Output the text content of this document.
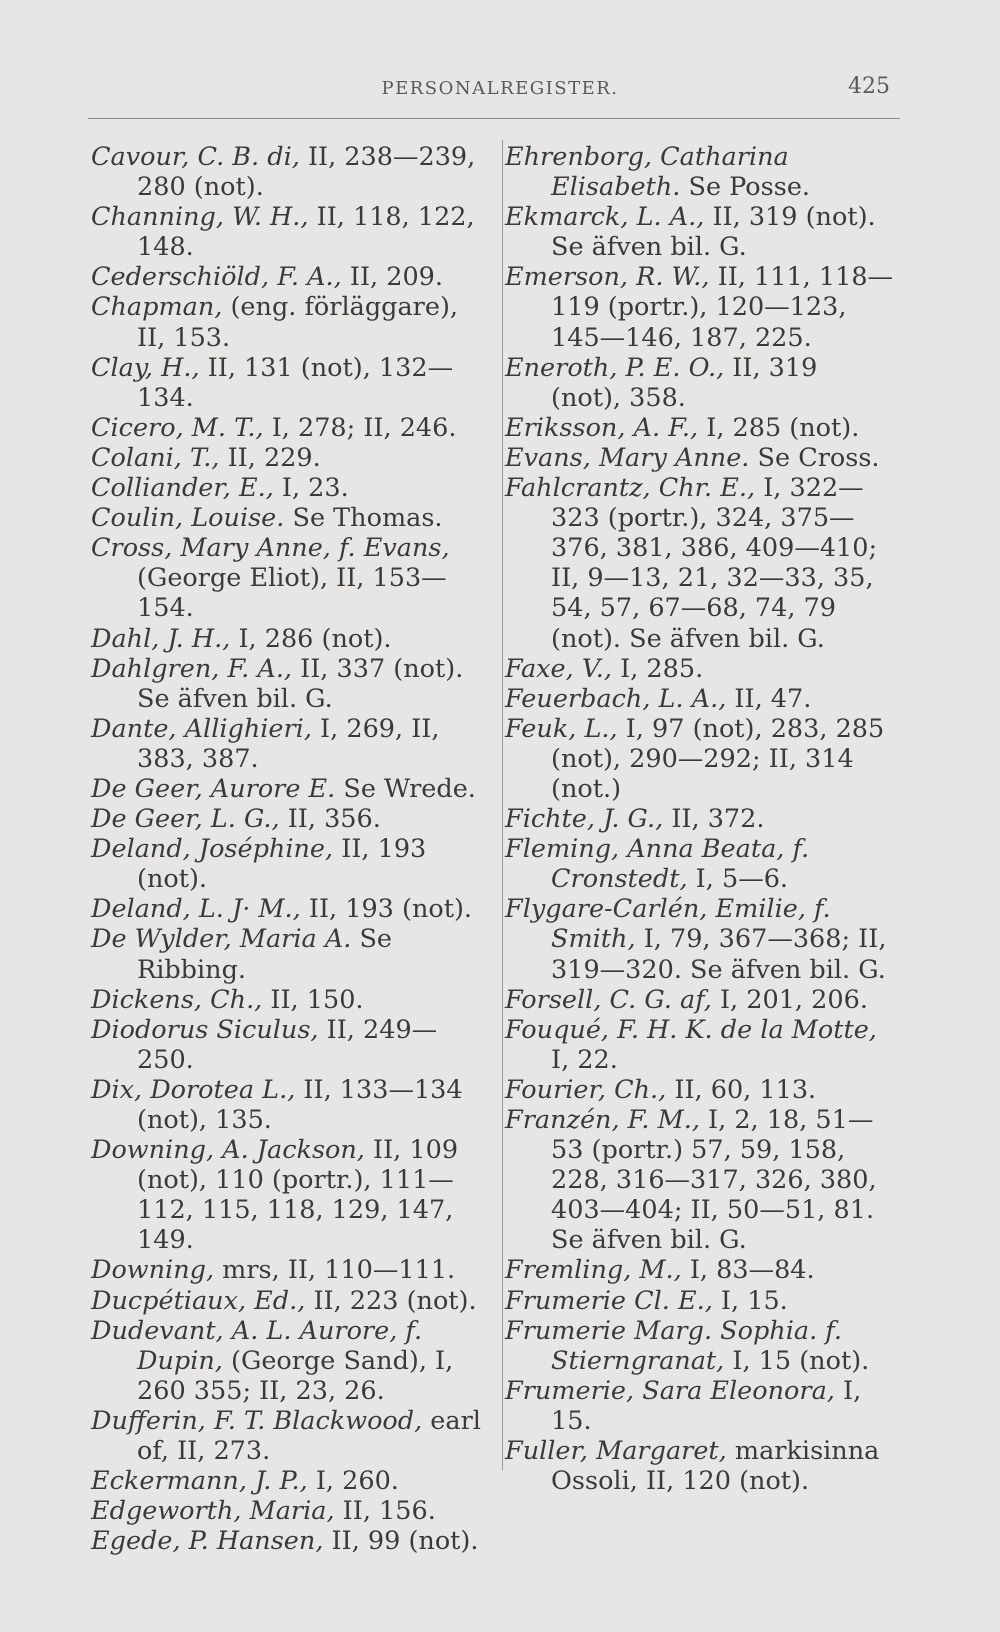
PERSONALREGISTER.	425

Cavour, C. B. di, II, 238—239, 280 (not).

Channing, W. H., II, 118, 122, 148.

Cederschiöld, F. A., II, 209.

Chapman, (eng. förläggare), II, 153.

Clay, H., II, 131 (not), 132—134.

Cicero, M. T., I, 278; II, 246.

Colani, T., II, 229.

Colliander, E., I, 23.

Coulin, Louise. Se Thomas.

Cross, Mary Anne, f. Evans, (George Eliot), II, 153—154.

Dahl, J. H., I, 286 (not).

Dahlgren, F. A., II, 337 (not). Se äfven bil. G.

Dante, Allighieri, I, 269, II, 383, 387.

De Geer, Aurore E. Se Wrede.

De Geer, L. G., II, 356.

Deland, Joséphine, II, 193 (not).

Deland, L. J· M., II, 193 (not).

De Wylder, Maria A. Se Ribbing.

Dickens, Ch., II, 150.

Diodorus Siculus, II, 249—250.

Dix, Dorotea L., II, 133—134 (not), 135.

Downing, A. Jackson, II, 109 (not), 110 (portr.), 111—112, 115, 118, 129, 147, 149.

Downing, mrs, II, 110—111.

Ducpétiaux, Ed., II, 223 (not).

Dudevant, A. L. Aurore, f. Dupin, (George Sand), I, 260 355; II, 23, 26.

Dufferin, F. T. Blackwood, earl of, II, 273.

Eckermann, J. P., I, 260.

Edgeworth, Maria, II, 156.

Egede, P. Hansen, II, 99 (not).

Ehrenborg, Catharina Elisabeth. Se Posse.

Ekmarck, L. A., II, 319 (not). Se äfven bil. G.

Emerson, R. W., II, 111, 118—119 (portr.), 120—123, 145—146, 187, 225.

Eneroth, P. E. O., II, 319 (not), 358.

Eriksson, A. F., I, 285 (not).

Evans, Mary Anne. Se Cross.

Fahlcrantz, Chr. E., I, 322—323 (portr.), 324, 375—376, 381, 386, 409—410; II, 9—13, 21, 32—33, 35, 54, 57, 67—68, 74, 79 (not). Se äfven bil. G.

Faxe, V., I, 285.

Feuerbach, L. A., II, 47.

Feuk, L., I, 97 (not), 283, 285 (not), 290—292; II, 314 (not.)

Fichte, J. G., II, 372.

Fleming, Anna Beata, f. Cronstedt, I, 5—6.

Flygare-Carlén, Emilie, f. Smith, I, 79, 367—368; II, 319—320. Se äfven bil. G.

Forsell, C. G. af, I, 201, 206.

Fouqué, F. H. K. de la Motte, I, 22.

Fourier, Ch., II, 60, 113.

Franzén, F. M., I, 2, 18, 51—53 (portr.) 57, 59, 158, 228, 316—317, 326, 380, 403—404; II, 50—51, 81. Se äfven bil. G.

Fremling, M., I, 83—84.

Frumerie Cl. E., I, 15.

Frumerie Marg. Sophia. f. Stierngranat, I, 15 (not).

Frumerie, Sara Eleonora, I, 15.

Fuller, Margaret, markisinna Ossoli, II, 120 (not).
